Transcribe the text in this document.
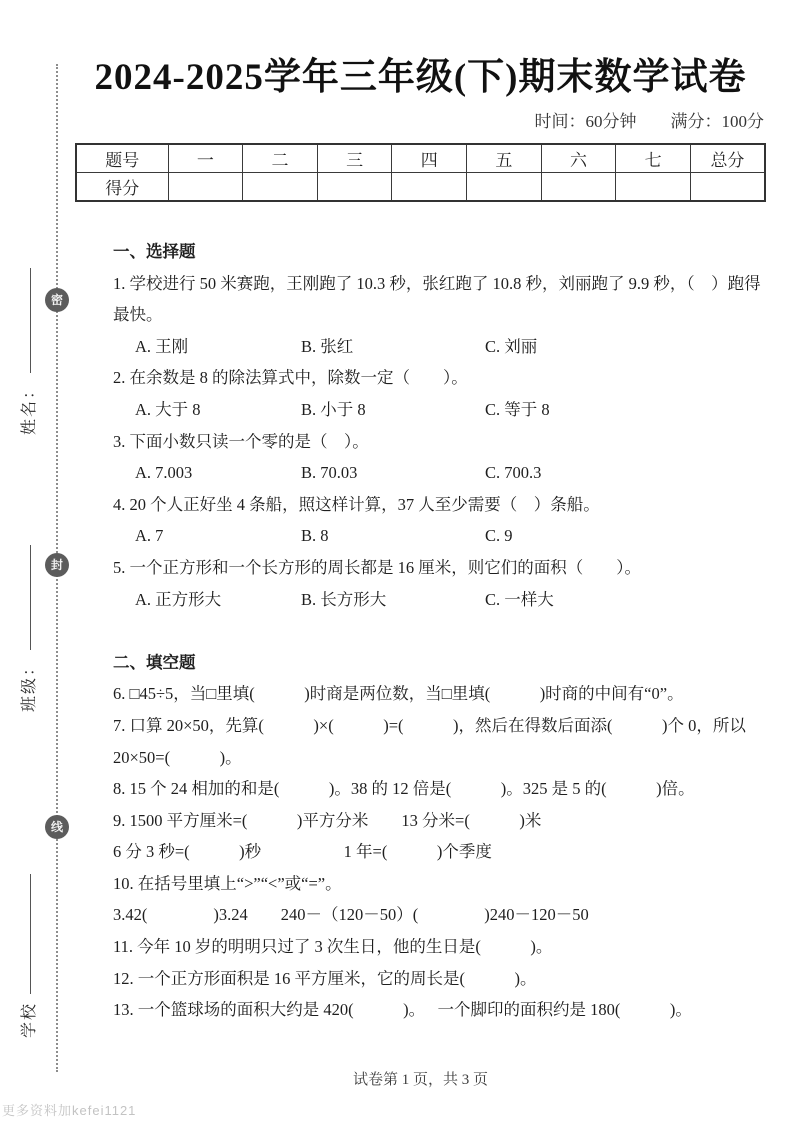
密
封
线
姓名：
班级：
学校
2024-2025学年三年级(下)期末数学试卷
时间：60分钟 满分：100分
题号	一	二	三	四	五	六	七	总分
得分								
一、选择题
1. 学校进行 50 米赛跑，王刚跑了 10.3 秒，张红跑了 10.8 秒，刘丽跑了 9.9 秒，（　）跑得
最快。
A. 王刚	B. 张红	C. 刘丽
2. 在余数是 8 的除法算式中，除数一定（　　）。
A. 大于 8	B. 小于 8	C. 等于 8
3. 下面小数只读一个零的是（　）。
A. 7.003	B. 70.03	C. 700.3
4. 20 个人正好坐 4 条船，照这样计算，37 人至少需要（　）条船。
A. 7	B. 8	C. 9
5. 一个正方形和一个长方形的周长都是 16 厘米，则它们的面积（　　）。
A. 正方形大	B. 长方形大	C. 一样大
二、填空题
6. □45÷5，当□里填(　　　)时商是两位数，当□里填(　　　)时商的中间有“0”。
7. 口算 20×50，先算(　　　)×(　　　)=(　　　)，然后在得数后面添(　　　)个 0，所以
20×50=(　　　)。
8. 15 个 24 相加的和是(　　　)。38 的 12 倍是(　　　)。325 是 5 的(　　　)倍。
9. 1500 平方厘米=(　　　)平方分米　　13 分米=(　　　)米
6 分 3 秒=(　　　)秒　　　　　1 年=(　　　)个季度
10. 在括号里填上“>”“<”或“=”。
3.42(　　　　)3.24　　240－（120－50）(　　　　)240－120－50
11. 今年 10 岁的明明只过了 3 次生日，他的生日是(　　　)。
12. 一个正方形面积是 16 平方厘米，它的周长是(　　　)。
13. 一个篮球场的面积大约是 420(　　　)。　 一个脚印的面积约是 180(　　　)。
试卷第 1 页，共 3 页
更多资料加kefei1121
